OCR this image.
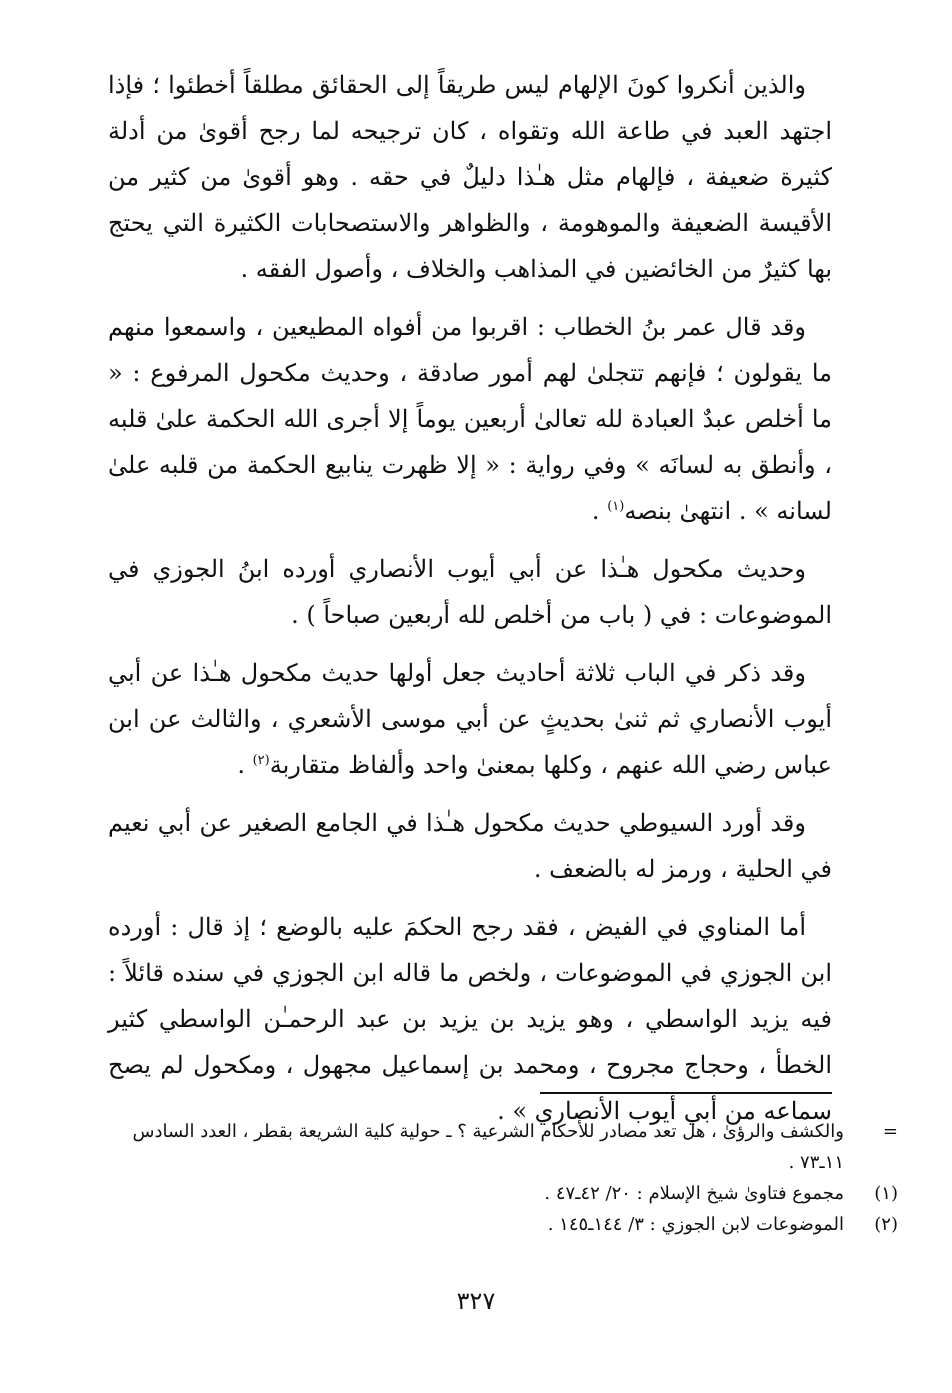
والذين أنكروا كونَ الإلهام ليس طريقاً إلى الحقائق مطلقاً أخطئوا ؛ فإذا اجتهد العبد في طاعة الله وتقواه ، كان ترجيحه لما رجح أقوىٰ من أدلة كثيرة ضعيفة ، فإلهام مثل هـٰذا دليلٌ في حقه . وهو أقوىٰ من كثير من الأقيسة الضعيفة والموهومة ، والظواهر والاستصحابات الكثيرة التي يحتج بها كثيرٌ من الخائضين في المذاهب والخلاف ، وأصول الفقه .

وقد قال عمر بنُ الخطاب : اقربوا من أفواه المطيعين ، واسمعوا منهم ما يقولون ؛ فإنهم تتجلىٰ لهم أمور صادقة ، وحديث مكحول المرفوع : « ما أخلص عبدٌ العبادة لله تعالىٰ أربعين يوماً إلا أجرى الله الحكمة علىٰ قلبه ، وأنطق به لسانَه » وفي رواية : « إلا ظهرت ينابيع الحكمة من قلبه علىٰ لسانه » . انتهىٰ بنصه$^{(١)}$ .

وحديث مكحول هـٰذا عن أبي أيوب الأنصاري أورده ابنُ الجوزي في الموضوعات : في ( باب من أخلص لله أربعين صباحاً ) .

وقد ذكر في الباب ثلاثة أحاديث جعل أولها حديث مكحول هـٰذا عن أبي أيوب الأنصاري ثم ثنىٰ بحديثٍ عن أبي موسى الأشعري ، والثالث عن ابن عباس رضي الله عنهم ، وكلها بمعنىٰ واحد وألفاظ متقاربة$^{(٢)}$ .

وقد أورد السيوطي حديث مكحول هـٰذا في الجامع الصغير عن أبي نعيم في الحلية ، ورمز له بالضعف .

أما المناوي في الفيض ، فقد رجح الحكمَ عليه بالوضع ؛ إذ قال : أورده ابن الجوزي في الموضوعات ، ولخص ما قاله ابن الجوزي في سنده قائلاً : فيه يزيد الواسطي ، وهو يزيد بن يزيد بن عبد الرحمـٰن الواسطي كثير الخطأ ، وحجاج مجروح ، ومحمد بن إسماعيل مجهول ، ومكحول لم يصح سماعه من أبي أيوب الأنصاري » .

=
والكشف والرؤىٰ ، هل تعد مصادر للأحكام الشرعية ؟ ـ حولية كلية الشريعة بقطر ، العدد السادس ١١ـ٧٣ .
(١)
مجموع فتاوىٰ شيخ الإسلام : ٢٠/ ٤٢ـ٤٧ .
(٢)
الموضوعات لابن الجوزي : ٣/ ١٤٤ـ١٤٥ .
٣٢٧
